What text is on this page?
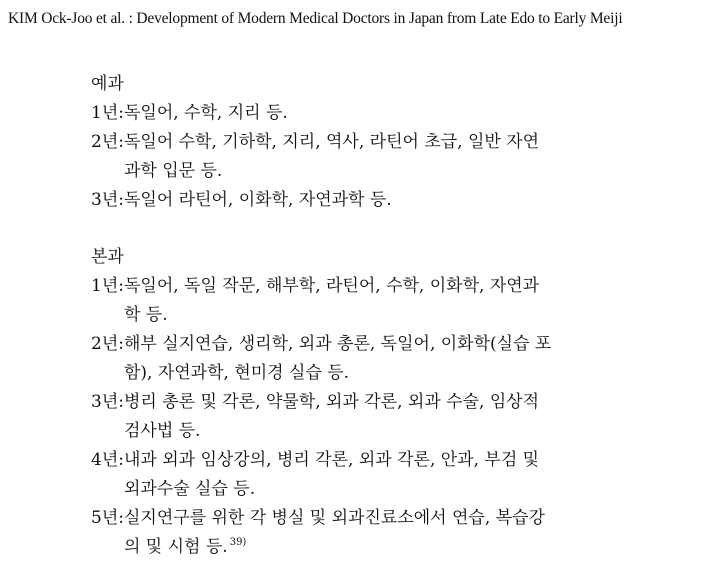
KIM Ock-Joo et al. : Development of Modern Medical Doctors in Japan from Late Edo to Early Meiji
예과
1년: 독일어, 수학, 지리 등.
2년: 독일어 수학, 기하학, 지리, 역사, 라틴어 초급, 일반 자연
과학 입문 등.
3년: 독일어 라틴어, 이화학, 자연과학 등.
본과
1년: 독일어, 독일 작문, 해부학, 라틴어, 수학, 이화학, 자연과
학 등.
2년: 해부 실지연습, 생리학, 외과 총론, 독일어, 이화학(실습 포
함), 자연과학, 현미경 실습 등.
3년: 병리 총론 및 각론, 약물학, 외과 각론, 외과 수술, 임상적
검사법 등.
4년: 내과 외과 임상강의, 병리 각론, 외과 각론, 안과, 부검 및
외과수술 실습 등.
5년: 실지연구를 위한 각 병실 및 외과진료소에서 연습, 복습강
의 및 시험 등. $^{39)}$
